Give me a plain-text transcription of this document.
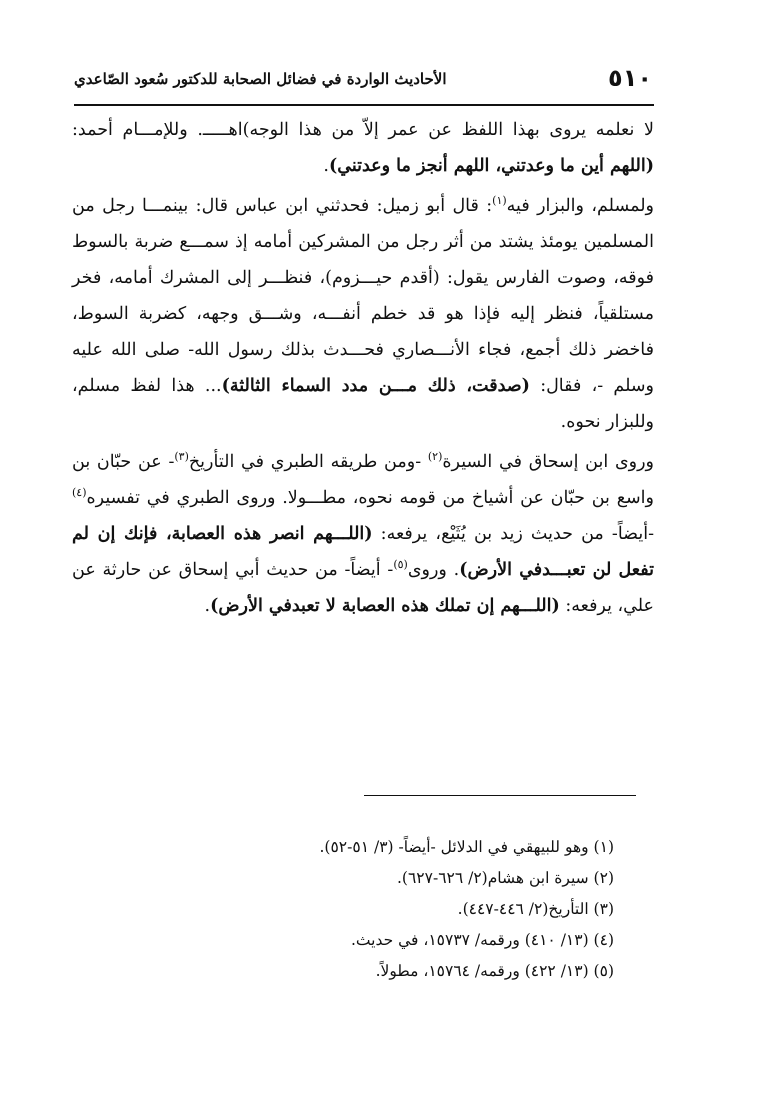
٥١٠
الأحاديث الواردة في فضائل الصحابة للدكتور سُعود الصّاعدي

لا نعلمه يروى بهذا اللفظ عن عمر إلاّ من هذا الوجه)اهـــــ. وللإمـــام أحمد: (اللهم أين ما وعدتني، اللهم أنجز ما وعدتني).

ولمسلم، والبزار فيه$^{(١)}$: قال أبو زميل: فحدثني ابن عباس قال: بينمـــا رجل من المسلمين يومئذ يشتد من أثر رجل من المشركين أمامه إذ سمـــع ضربة بالسوط فوقه، وصوت الفارس يقول: (أقدم حيـــزوم)، فنظـــر إلى المشرك أمامه، فخر مستلقياً، فنظر إليه فإذا هو قد خطم أنفـــه، وشـــق وجهه، كضربة السوط، فاخضر ذلك أجمع، فجاء الأنـــصاري فحـــدث بذلك رسول الله- صلى الله عليه وسلم -، فقال: (صدقت، ذلك مـــن مدد السماء الثالثة)... هذا لفظ مسلم، وللبزار نحوه.

وروى ابن إسحاق في السيرة$^{(٢)}$ -ومن طريقه الطبري في التأريخ$^{(٣)}$- عن حبّان بن واسع بن حبّان عن أشياخ من قومه نحوه، مطـــولا. وروى الطبري في تفسيره$^{(٤)}$ -أيضاً- من حديث زيد بن يُثَيْع، يرفعه: (اللـــهم انصر هذه العصابة، فإنك إن لم تفعل لن تعبـــدفي الأرض). وروى$^{(٥)}$- أيضاً- من حديث أبي إسحاق عن حارثة عن علي، يرفعه: (اللـــهم إن تملك هذه العصابة لا تعبدفي الأرض).

(١) وهو للبيهقي في الدلائل -أيضاً- (٣/ ٥١-٥٢).
(٢) سيرة ابن هشام(٢/ ٦٢٦-٦٢٧).
(٣) التأريخ(٢/ ٤٤٦-٤٤٧).
(٤) (١٣/ ٤١٠) ورقمه/ ١٥٧٣٧، في حديث.
(٥) (١٣/ ٤٢٢) ورقمه/ ١٥٧٦٤، مطولاً.
